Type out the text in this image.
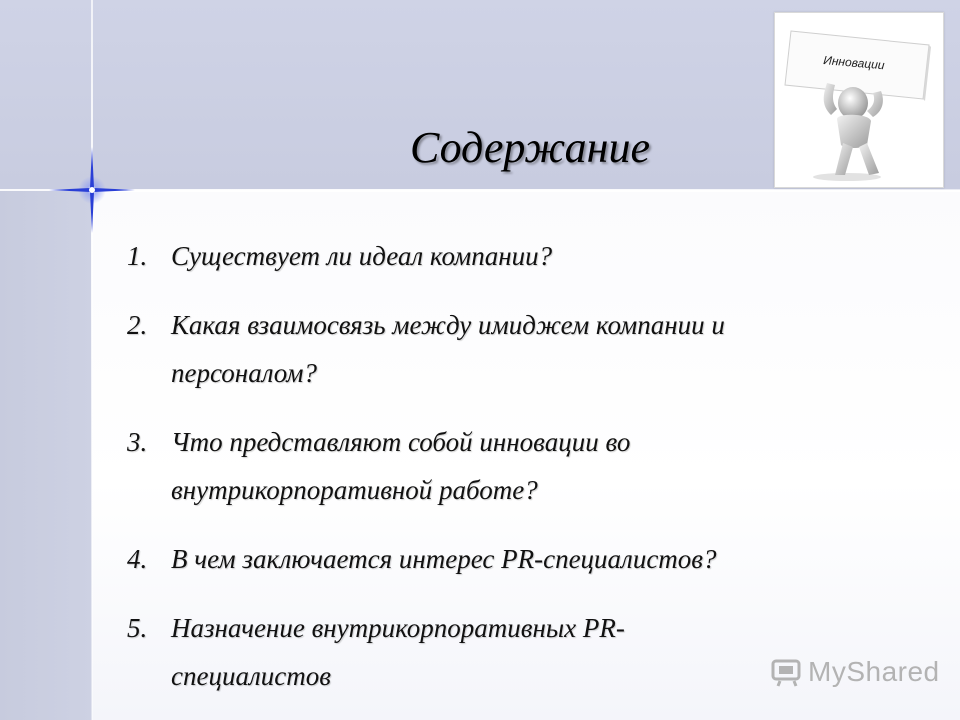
Содержание
Инновации
1. Существует ли идеал компании?
2. Какая взаимосвязь между имиджем компании и
персоналом?
3. Что представляют собой инновации во
внутрикорпоративной работе?
4. В чем заключается интерес PR-специалистов?
5. Назначение внутрикорпоративных PR-
специалистов	MyShared
